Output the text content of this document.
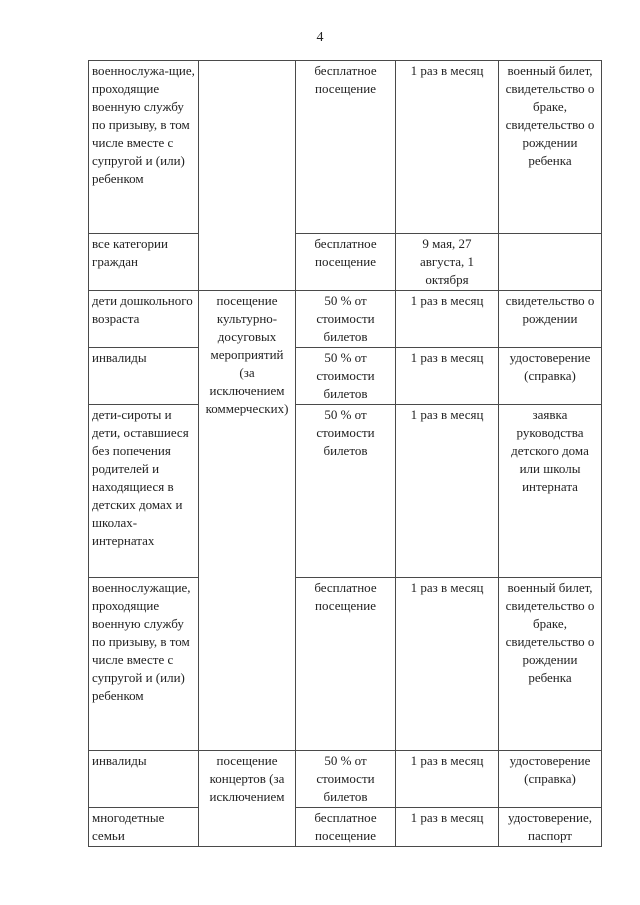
4
военнослужа-щие, проходящие военную службу по призыву, в том числе вместе с супругой и (или) ребенком		бесплатное посещение	1 раз в месяц	военный билет, свидетельство о браке, свидетельство о рождении ребенка
все категории граждан		бесплатное посещение	9 мая, 27 августа, 1 октября	
дети дошкольного возраста	посещение культурно-досуговых мероприятий (за исключением коммерческих)	50 % от стоимости билетов	1 раз в месяц	свидетельство о рождении
инвалиды		50 % от стоимости билетов	1 раз в месяц	удостоверение (справка)
дети-сироты и дети, оставшиеся без попечения родителей и находящиеся в детских домах и школах-интернатах		50 % от стоимости билетов	1 раз в месяц	заявка руководства детского дома или школы интерната
военнослужащие, проходящие военную службу по призыву, в том числе вместе с супругой и (или) ребенком		бесплатное посещение	1 раз в месяц	военный билет, свидетельство о браке, свидетельство о рождении ребенка
инвалиды	посещение концертов (за исключением	50 % от стоимости билетов	1 раз в месяц	удостоверение (справка)
многодетные семьи		бесплатное посещение	1 раз в месяц	удостоверение, паспорт
